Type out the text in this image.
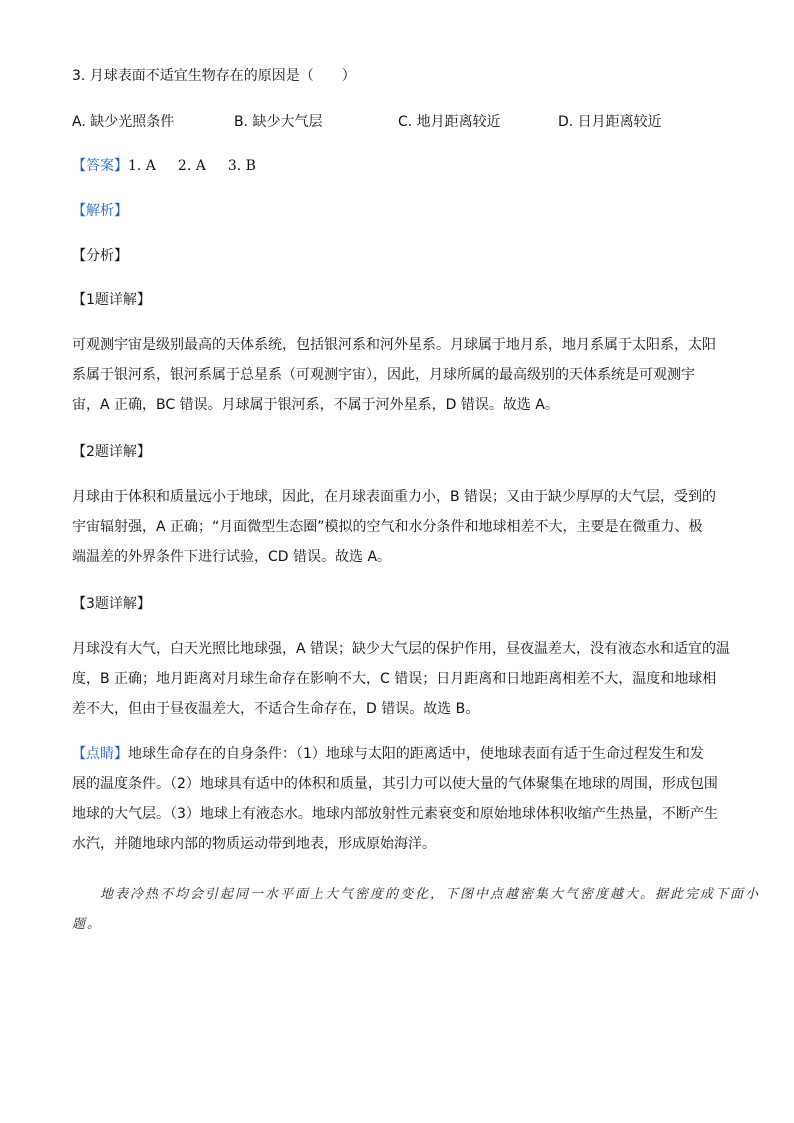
3. 月球表面不适宜生物存在的原因是（　　）
A. 缺少光照条件	B. 缺少大气层	C. 地月距离较近	D. 日月距离较近
【答案】1. A 2. A 3. B
【解析】
【分析】
【1题详解】
可观测宇宙是级别最高的天体系统，包括银河系和河外星系。月球属于地月系，地月系属于太阳系，太阳
系属于银河系，银河系属于总星系（可观测宇宙），因此，月球所属的最高级别的天体系统是可观测宇
宙，A 正确，BC 错误。月球属于银河系，不属于河外星系，D 错误。故选 A。
【2题详解】
月球由于体积和质量远小于地球，因此，在月球表面重力小，B 错误；又由于缺少厚厚的大气层，受到的
宇宙辐射强，A 正确；“月面微型生态圈”模拟的空气和水分条件和地球相差不大，主要是在微重力、极
端温差的外界条件下进行试验，CD 错误。故选 A。
【3题详解】
月球没有大气，白天光照比地球强，A 错误；缺少大气层的保护作用，昼夜温差大，没有液态水和适宜的温
度，B 正确；地月距离对月球生命存在影响不大，C 错误；日月距离和日地距离相差不大，温度和地球相
差不大，但由于昼夜温差大，不适合生命存在，D 错误。故选 B。
【点睛】地球生命存在的自身条件：（1）地球与太阳的距离适中，使地球表面有适于生命过程发生和发
展的温度条件。（2）地球具有适中的体积和质量，其引力可以使大量的气体聚集在地球的周围，形成包围
地球的大气层。（3）地球上有液态水。地球内部放射性元素衰变和原始地球体积收缩产生热量，不断产生
水汽，并随地球内部的物质运动带到地表，形成原始海洋。
地表冷热不均会引起同一水平面上大气密度的变化，下图中点越密集大气密度越大。据此完成下面小
题。
